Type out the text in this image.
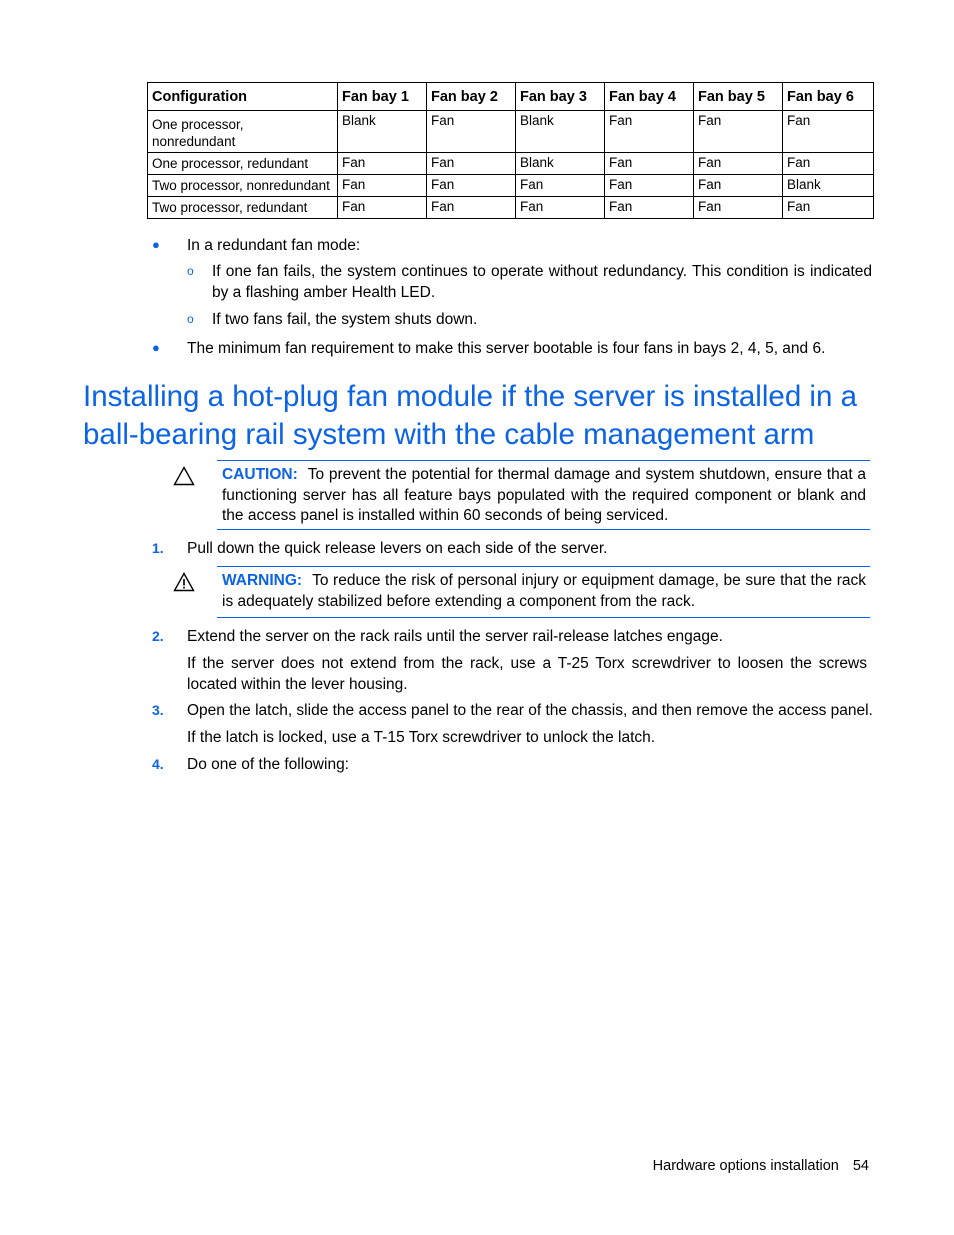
Configuration	Fan bay 1	Fan bay 2	Fan bay 3	Fan bay 4	Fan bay 5	Fan bay 6
One processor, nonredundant	Blank	Fan	Blank	Fan	Fan	Fan
One processor, redundant	Fan	Fan	Blank	Fan	Fan	Fan
Two processor, nonredundant	Fan	Fan	Fan	Fan	Fan	Blank
Two processor, redundant	Fan	Fan	Fan	Fan	Fan	Fan
● In a redundant fan mode:
o If one fan fails, the system continues to operate without redundancy. This condition is indicated by a flashing amber Health LED.
o If two fans fail, the system shuts down.
● The minimum fan requirement to make this server bootable is four fans in bays 2, 4, 5, and 6.
Installing a hot-plug fan module if the server is installed in a ball-bearing rail system with the cable management arm
CAUTION: To prevent the potential for thermal damage and system shutdown, ensure that a functioning server has all feature bays populated with the required component or blank and the access panel is installed within 60 seconds of being serviced.
1. Pull down the quick release levers on each side of the server.
WARNING: To reduce the risk of personal injury or equipment damage, be sure that the rack is adequately stabilized before extending a component from the rack.
2. Extend the server on the rack rails until the server rail-release latches engage.
If the server does not extend from the rack, use a T-25 Torx screwdriver to loosen the screws located within the lever housing.
3. Open the latch, slide the access panel to the rear of the chassis, and then remove the access panel.
If the latch is locked, use a T-15 Torx screwdriver to unlock the latch.
4. Do one of the following:
Hardware options installation 54
